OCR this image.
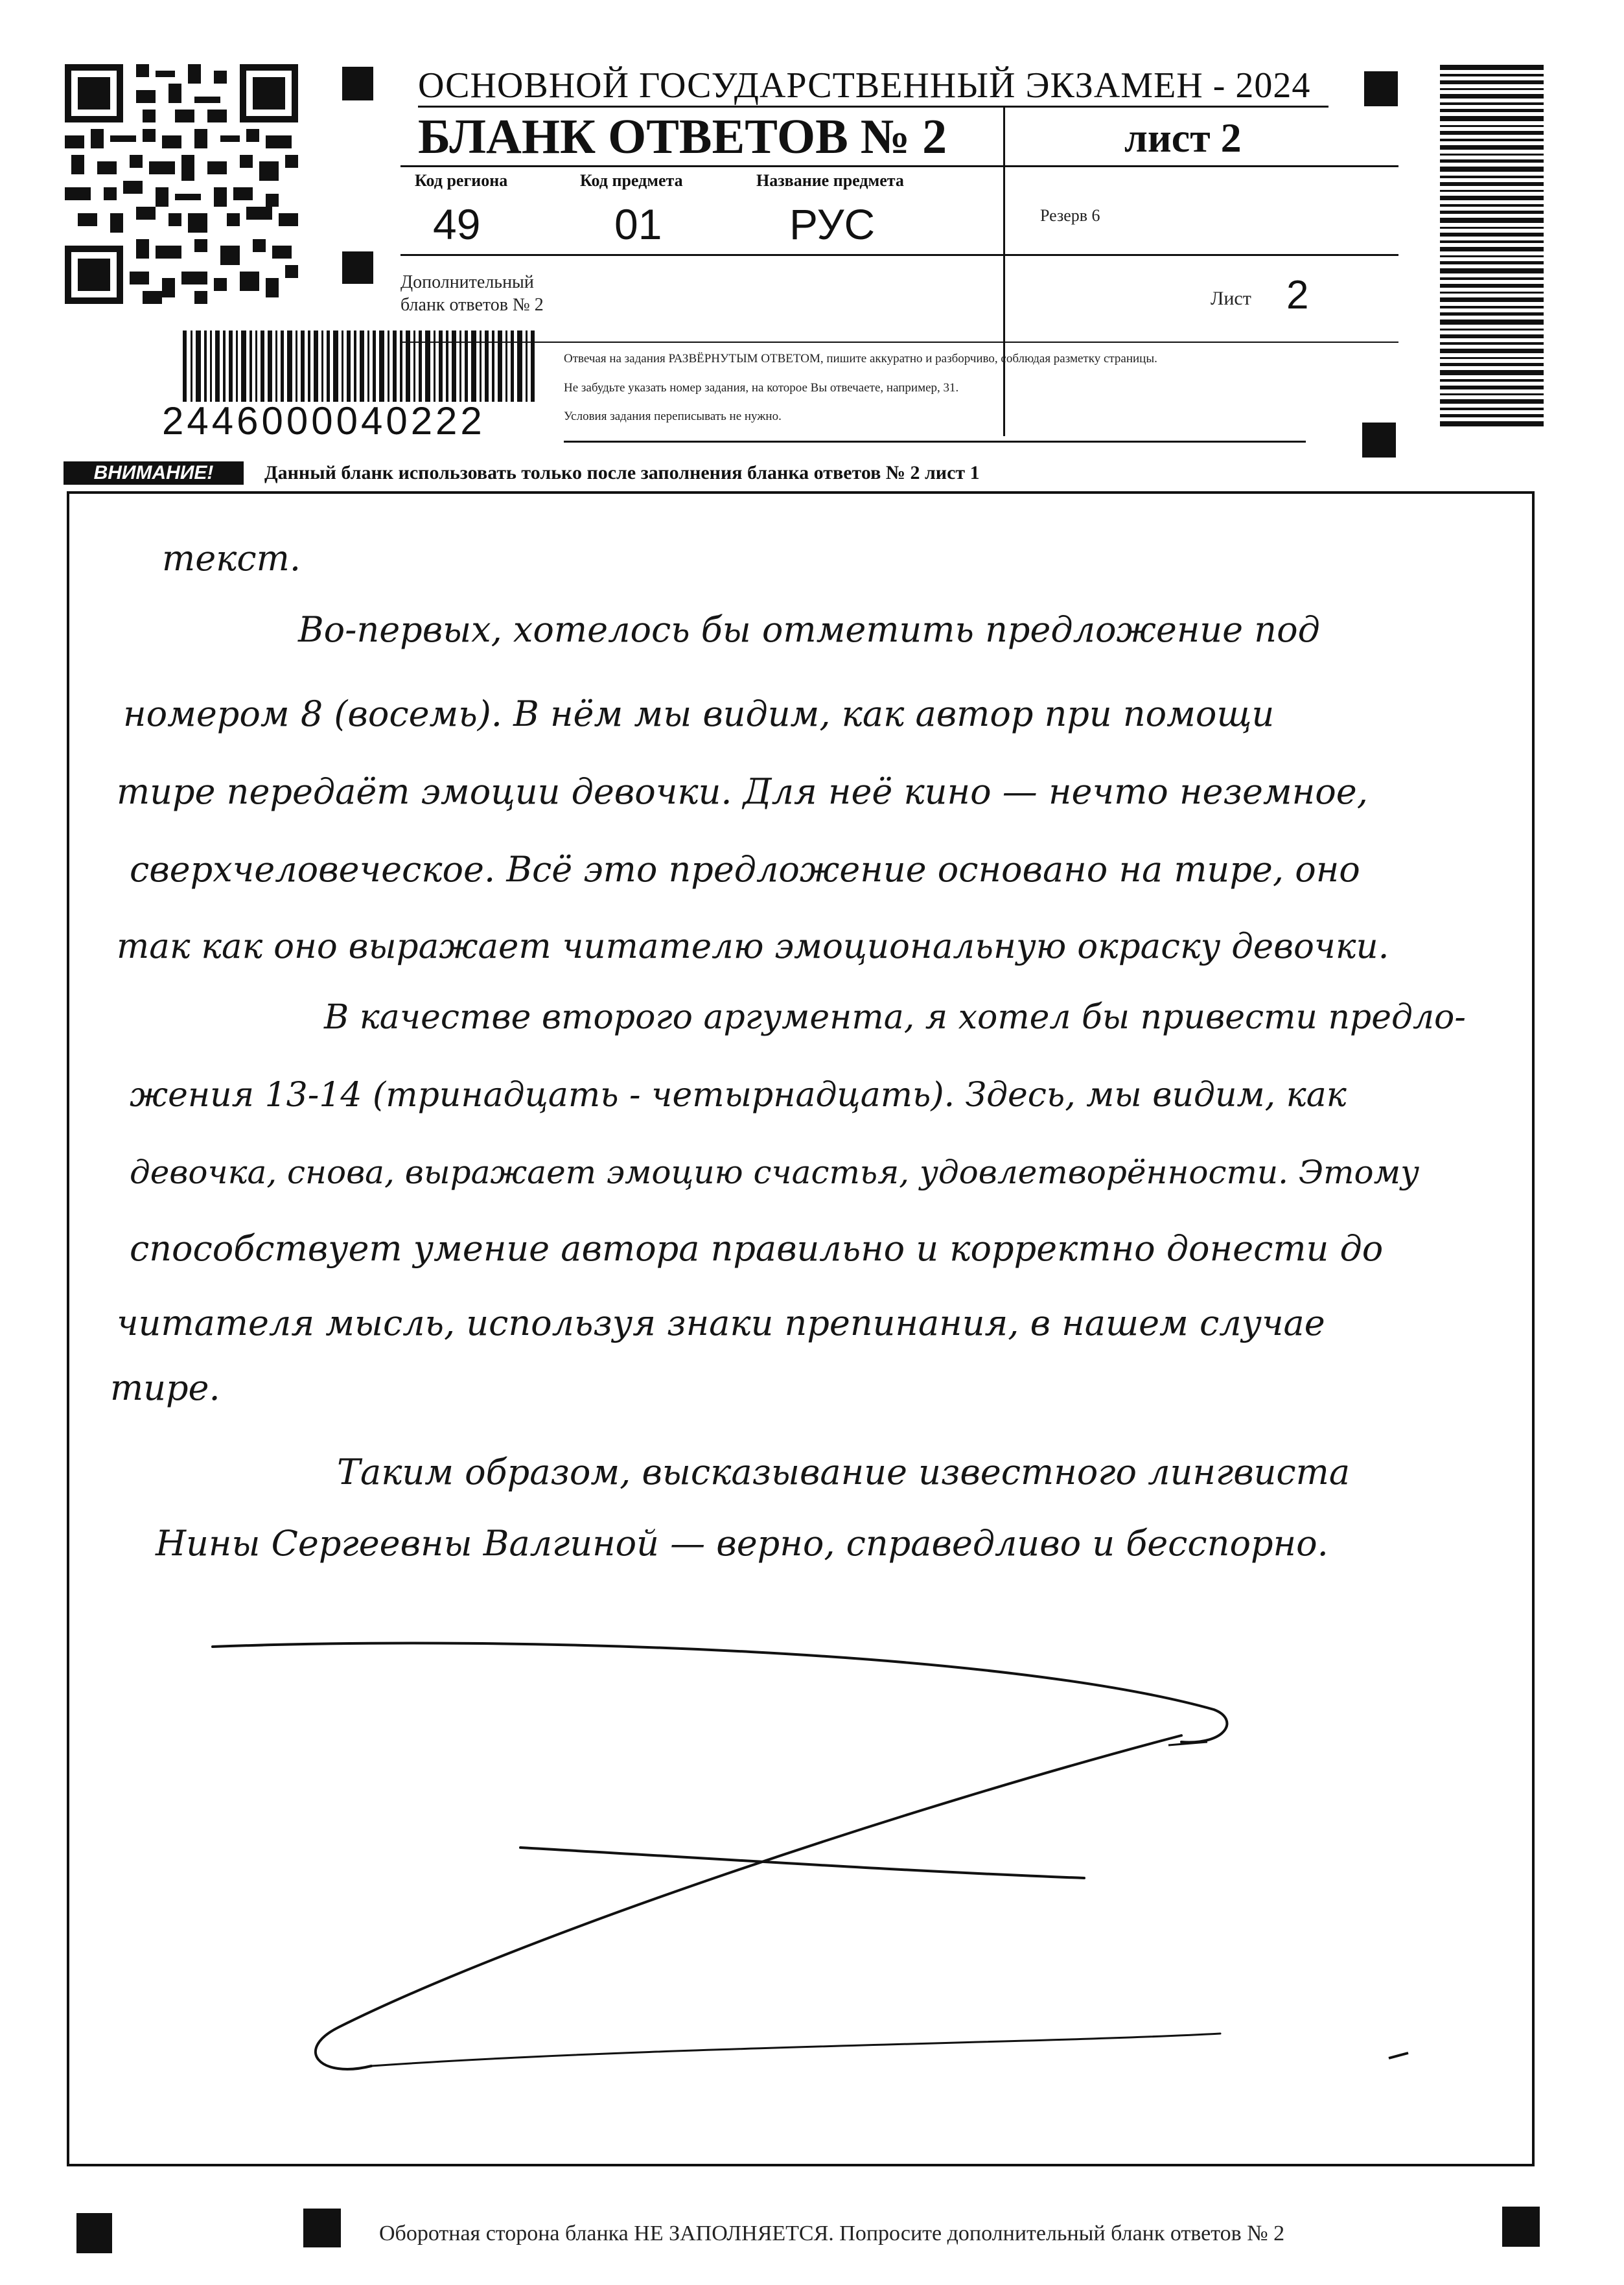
ОСНОВНОЙ ГОСУДАРСТВЕННЫЙ ЭКЗАМЕН - 2024
БЛАНК ОТВЕТОВ № 2	лист 2
Код региона
49
Код предмета
01
Название предмета
РУС	Резерв 6
Дополнительный
бланк ответов № 2	Лист 2
2446000040222
Отвечая на задания РАЗВЁРНУТЫМ ОТВЕТОМ, пишите аккуратно и разборчиво, соблюдая разметку страницы.
Не забудьте указать номер задания, на которое Вы отвечаете, например, 31.
Условия задания переписывать не нужно.
ВНИМАНИЕ!	Данный бланк использовать только после заполнения бланка ответов № 2 лист 1
текст.
Во-первых, хотелось бы отметить предложение под
номером 8 (восемь). В нём мы видим, как автор при помощи
тире передаёт эмоции девочки. Для неё кино — нечто неземное,
сверхчеловеческое. Всё это предложение основано на тире, оно
так как оно выражает читателю эмоциональную окраску девочки.
В качестве второго аргумента, я хотел бы привести предло-
жения 13-14 (тринадцать - четырнадцать). Здесь, мы видим, как
девочка, снова, выражает эмоцию счастья, удовлетворённости. Этому
способствует умение автора правильно и корректно донести до
читателя мысль, используя знаки препинания, в нашем случае
тире.
Таким образом, высказывание известного лингвиста
Нины Сергеевны Валгиной — верно, справедливо и бесспорно.
Оборотная сторона бланка НЕ ЗАПОЛНЯЕТСЯ. Попросите дополнительный бланк ответов № 2
